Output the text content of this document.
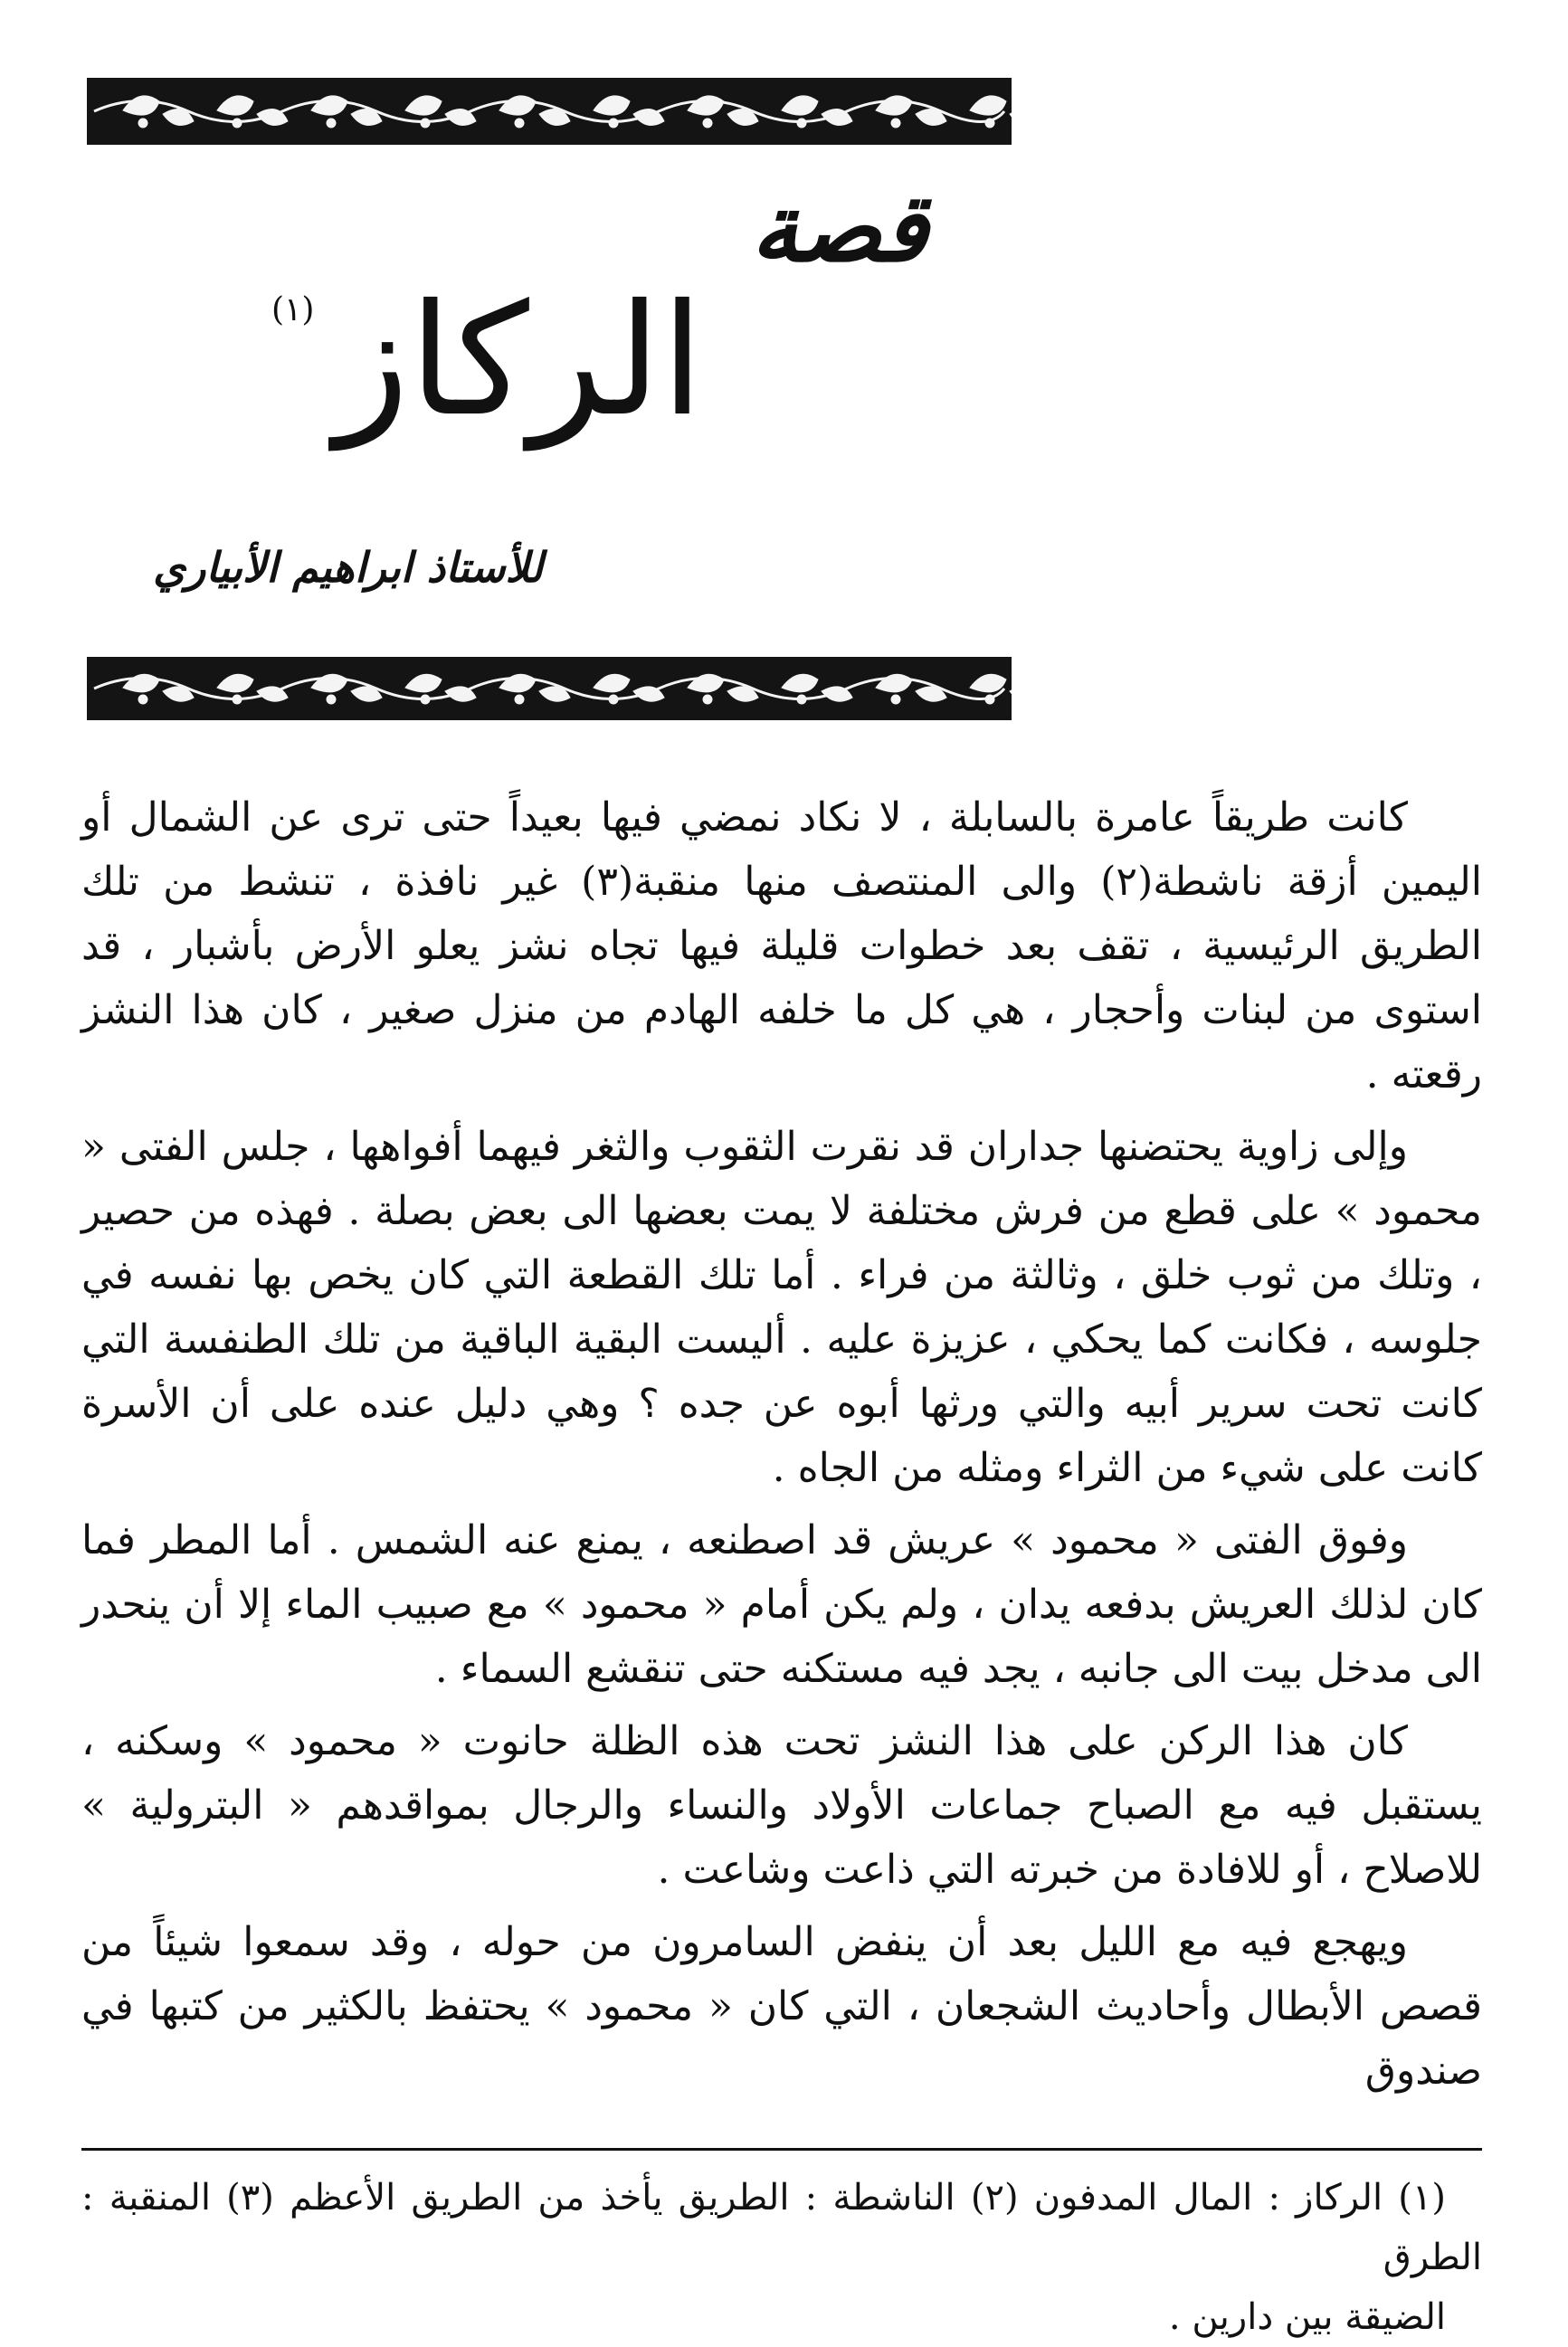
قصة
الركاز
(١)
للأستاذ ابراهيم الأبياري

كانت طريقاً عامرة بالسابلة ، لا نكاد نمضي فيها بعيداً حتى ترى عن الشمال أو اليمين أزقة ناشطة(٢) والى المنتصف منها منقبة(٣) غير نافذة ، تنشط من تلك الطريق الرئيسية ، تقف بعد خطوات قليلة فيها تجاه نشز يعلو الأرض بأشبار ، قد استوى من لبنات وأحجار ، هي كل ما خلفه الهادم من منزل صغير ، كان هذا النشز رقعته .

وإلى زاوية يحتضنها جداران قد نقرت الثقوب والثغر فيهما أفواهها ، جلس الفتى « محمود » على قطع من فرش مختلفة لا يمت بعضها الى بعض بصلة . فهذه من حصير ، وتلك من ثوب خلق ، وثالثة من فراء . أما تلك القطعة التي كان يخص بها نفسه في جلوسه ، فكانت كما يحكي ، عزيزة عليه . أليست البقية الباقية من تلك الطنفسة التي كانت تحت سرير أبيه والتي ورثها أبوه عن جده ؟ وهي دليل عنده على أن الأسرة كانت على شيء من الثراء ومثله من الجاه .

وفوق الفتى « محمود » عريش قد اصطنعه ، يمنع عنه الشمس . أما المطر فما كان لذلك العريش بدفعه يدان ، ولم يكن أمام « محمود » مع صبيب الماء إلا أن ينحدر الى مدخل بيت الى جانبه ، يجد فيه مستكنه حتى تنقشع السماء .

كان هذا الركن على هذا النشز تحت هذه الظلة حانوت « محمود » وسكنه ، يستقبل فيه مع الصباح جماعات الأولاد والنساء والرجال بمواقدهم « البترولية » للاصلاح ، أو للافادة من خبرته التي ذاعت وشاعت .

ويهجع فيه مع الليل بعد أن ينفض السامرون من حوله ، وقد سمعوا شيئاً من قصص الأبطال وأحاديث الشجعان ، التي كان « محمود » يحتفظ بالكثير من كتبها في صندوق

(١) الركاز : المال المدفون (٢) الناشطة : الطريق يأخذ من الطريق الأعظم (٣) المنقبة : الطرق

الضيقة بين دارين .
